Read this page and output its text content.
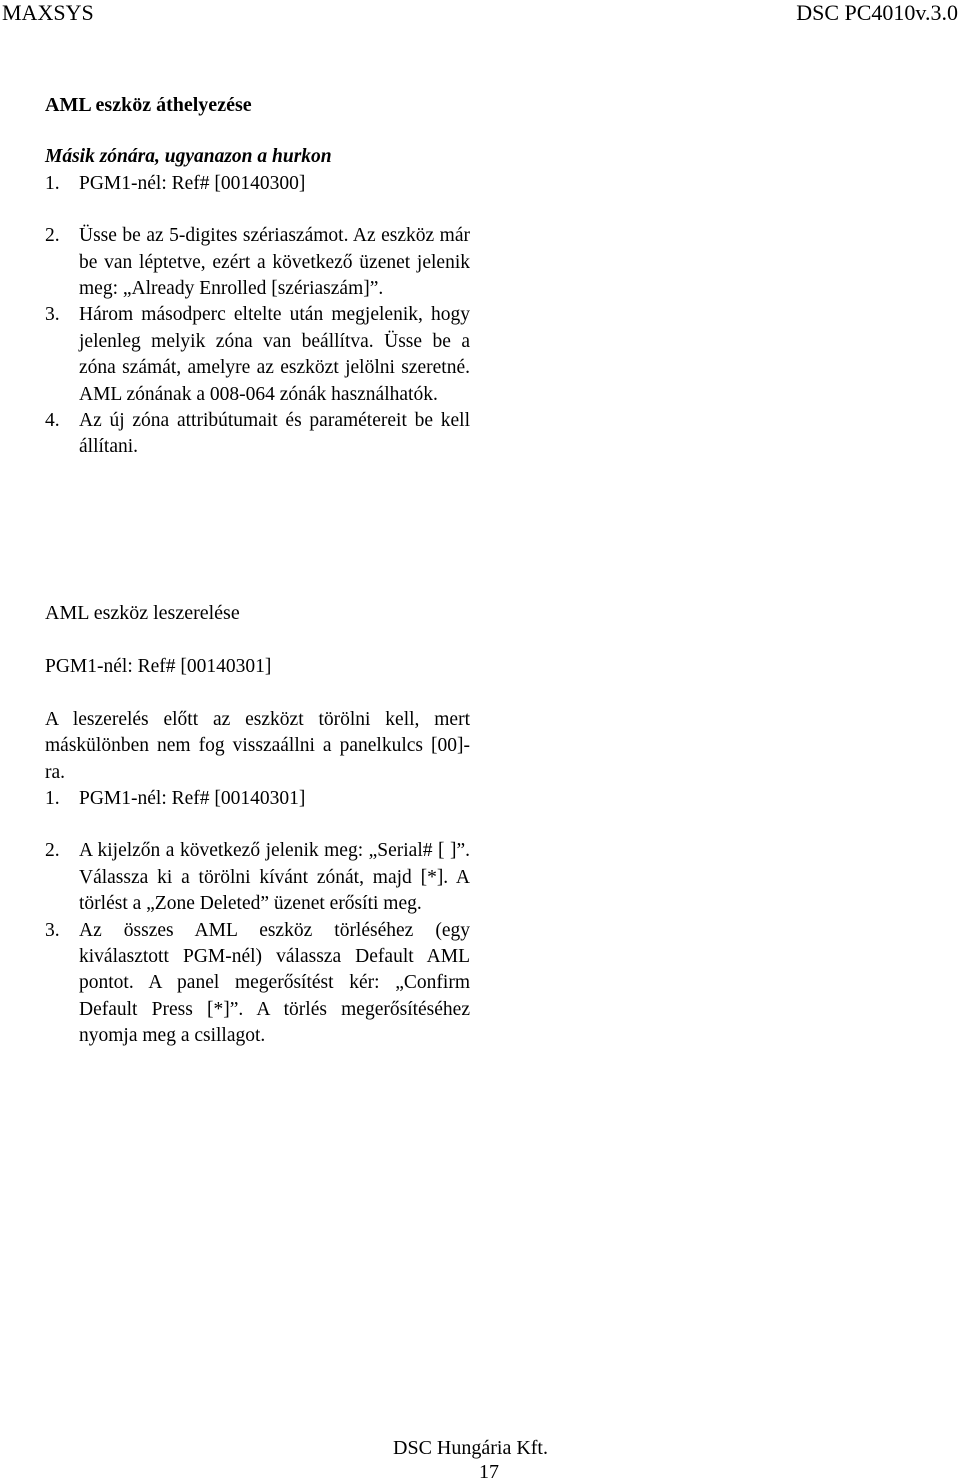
MAXSYS	DSC PC4010v.3.0

AML eszköz áthelyezése

Másik zónára, ugyanazon a hurkon

1. PGM1-nél: Ref# [00140300]
2. Üsse be az 5-digites szériaszámot. Az eszköz már be van léptetve, ezért a következő üzenet jelenik meg: „Already Enrolled [szériaszám]”.
3. Három másodperc eltelte után megjelenik, hogy jelenleg melyik zóna van beállítva. Üsse be a zóna számát, amelyre az eszközt jelölni szeretné. AML zónának a 008-064 zónák használhatók.
4. Az új zóna attribútumait és paramétereit be kell állítani.

AML eszköz leszerelése

PGM1-nél: Ref# [00140301]

A leszerelés előtt az eszközt törölni kell, mert máskülönben nem fog visszaállni a panelkulcs [00]-ra.

1. PGM1-nél: Ref# [00140301]
2. A kijelzőn a következő jelenik meg: „Serial# [ ]”. Válassza ki a törölni kívánt zónát, majd [*]. A törlést a „Zone Deleted” üzenet erősíti meg.
3. Az összes AML eszköz törléséhez (egy kiválasztott PGM-nél) válassza Default AML pontot. A panel megerősítést kér: „Confirm Default Press [*]”. A törlés megerősítéséhez nyomja meg a csillagot.
DSC Hungária Kft.
17
